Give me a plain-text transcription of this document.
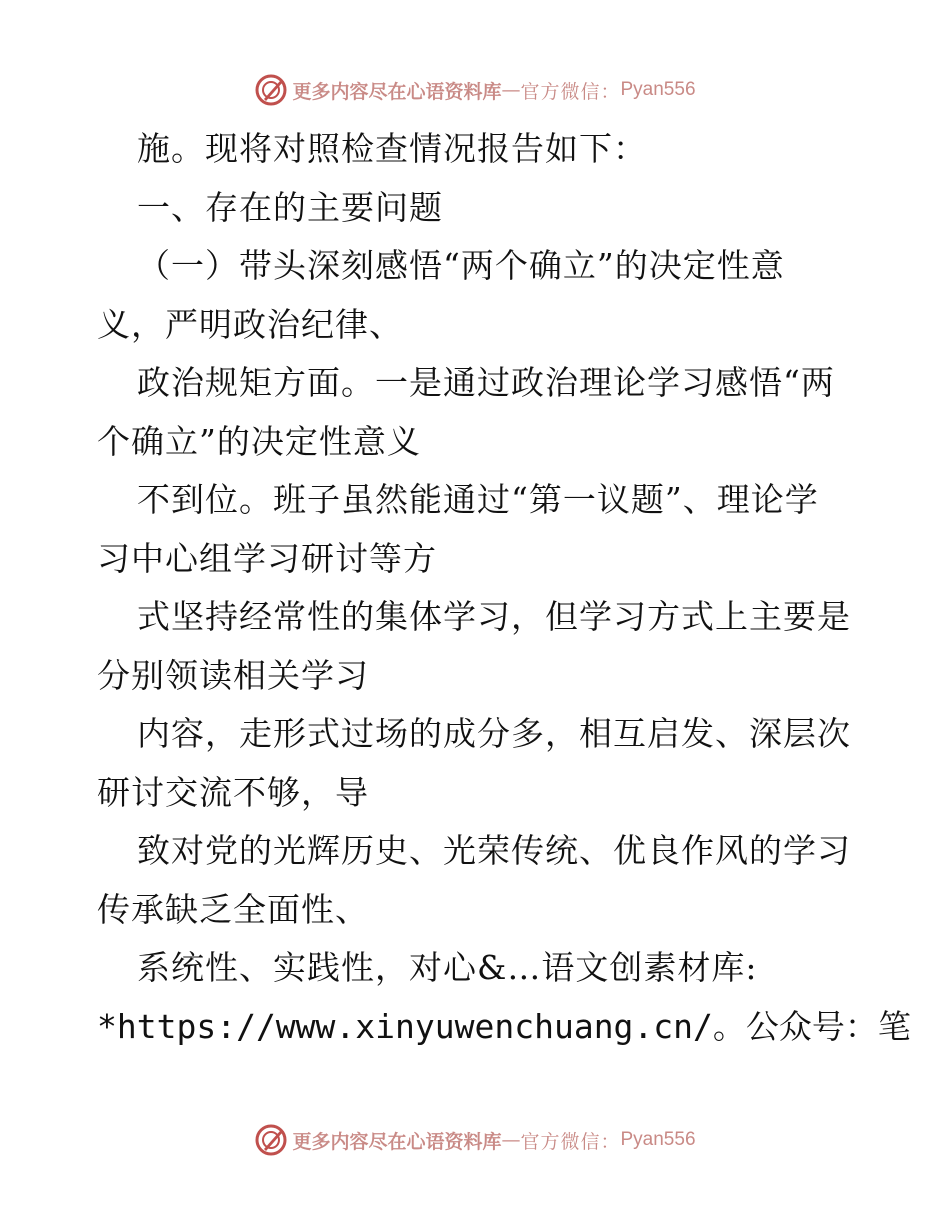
更多内容尽在心语资料库 — 官方微信： Pyan556
施。现将对照检查情况报告如下：
一、存在的主要问题
（一）带头深刻感悟“两个确立”的决定性意
义，严明政治纪律、
政治规矩方面。一是通过政治理论学习感悟“两
个确立”的决定性意义
不到位。班子虽然能通过“第一议题”、理论学
习中心组学习研讨等方
式坚持经常性的集体学习，但学习方式上主要是
分别领读相关学习
内容，走形式过场的成分多，相互启发、深层次
研讨交流不够，导
致对党的光辉历史、光荣传统、优良作风的学习
传承缺乏全面性、
系统性、实践性，对心&…语文创素材库:
*https://www.xinyuwenchuang.cn/。公众号：笔
更多内容尽在心语资料库 — 官方微信： Pyan556
